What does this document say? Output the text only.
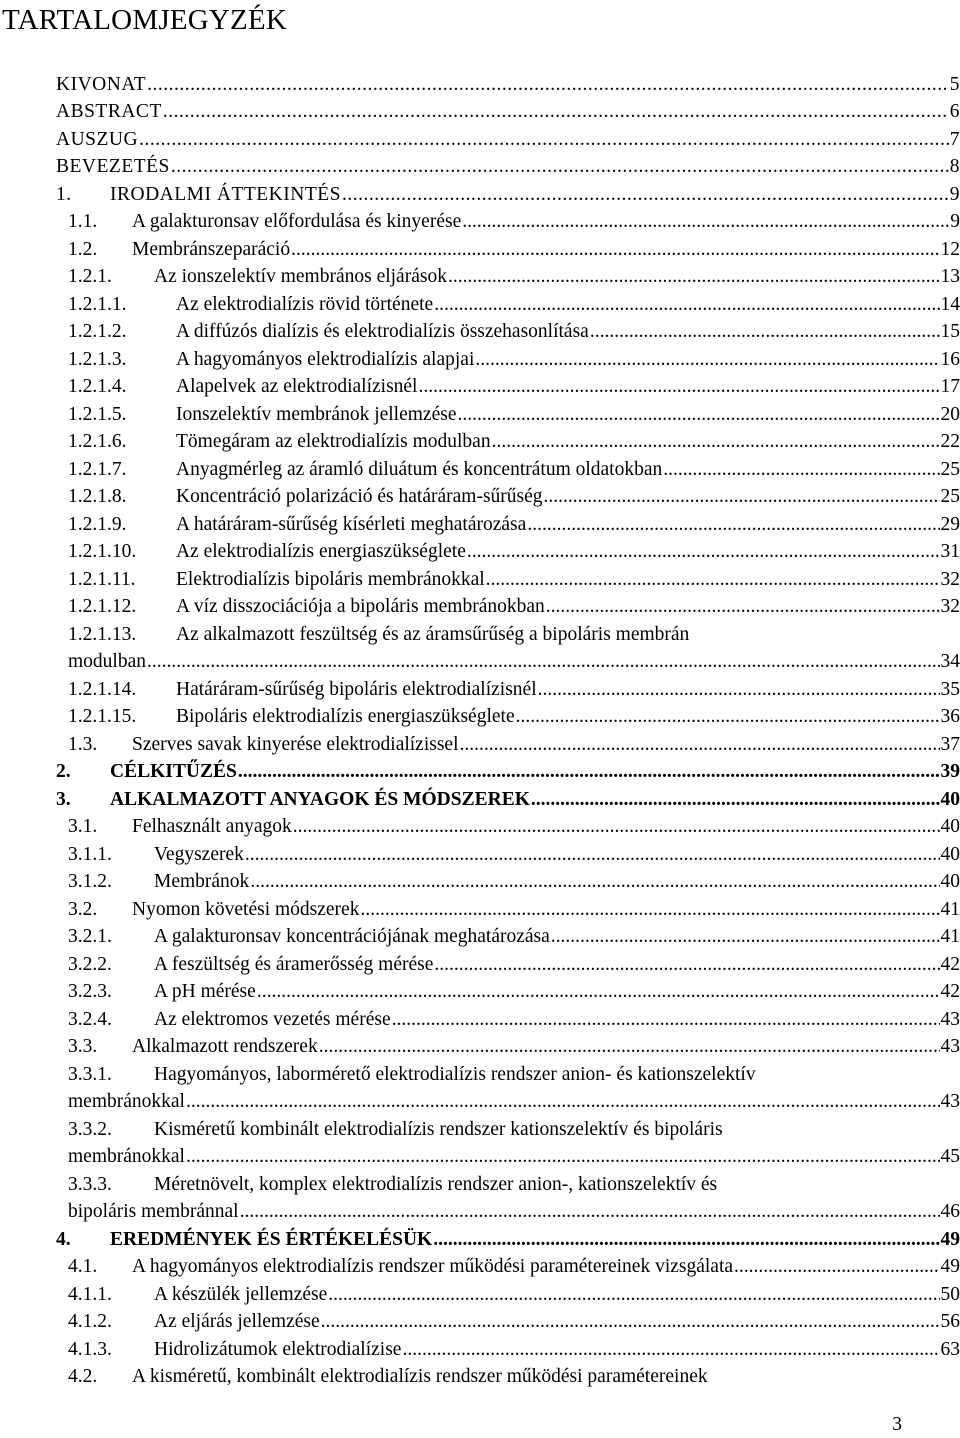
TARTALOMJEGYZÉK
KIVONAT .....	5
ABSTRACT .....	6
AUSZUG .....	7
BEVEZETÉS .....	8
1.	IRODALMI ÁTTEKINTÉS .....	9
1.1.	A galakturonsav előfordulása és kinyerése .....	9
1.2.	Membránszeparáció .....	12
1.2.1.	Az ionszelektív membrános eljárások .....	13
1.2.1.1.	Az elektrodialízis rövid története .....	14
1.2.1.2.	A diffúzós dialízis és elektrodialízis összehasonlítása .....	15
1.2.1.3.	A hagyományos elektrodialízis alapjai .....	16
1.2.1.4.	Alapelvek az elektrodialízisnél .....	17
1.2.1.5.	Ionszelektív membránok jellemzése .....	20
1.2.1.6.	Tömegáram az elektrodialízis modulban .....	22
1.2.1.7.	Anyagmérleg az áramló diluátum és koncentrátum oldatokban .....	25
1.2.1.8.	Koncentráció polarizáció és határáram-sűrűség .....	25
1.2.1.9.	A határáram-sűrűség kísérleti meghatározása .....	29
1.2.1.10.	Az elektrodialízis energiaszükséglete .....	31
1.2.1.11.	Elektrodialízis bipoláris membránokkal .....	32
1.2.1.12.	A víz disszociációja a bipoláris membránokban .....	32
1.2.1.13.	Az alkalmazott feszültség és az áramsűrűség a bipoláris membrán
modulban .....	34
1.2.1.14.	Határáram-sűrűség bipoláris elektrodialízisnél .....	35
1.2.1.15.	Bipoláris elektrodialízis energiaszükséglete .....	36
1.3.	Szerves savak kinyerése elektrodialízissel .....	37
2.	CÉLKITŰZÉS .....	39
3.	ALKALMAZOTT ANYAGOK ÉS MÓDSZEREK .....	40
3.1.	Felhasznált anyagok .....	40
3.1.1.	Vegyszerek .....	40
3.1.2.	Membránok .....	40
3.2.	Nyomon követési módszerek .....	41
3.2.1.	A galakturonsav koncentrációjának meghatározása .....	41
3.2.2.	A feszültség és áramerősség mérése .....	42
3.2.3.	A pH mérése .....	42
3.2.4.	Az elektromos vezetés mérése .....	43
3.3.	Alkalmazott rendszerek .....	43
3.3.1.	Hagyományos, labormérető elektrodialízis rendszer anion- és kationszelektív
membránokkal .....	43
3.3.2.	Kisméretű kombinált elektrodialízis rendszer kationszelektív és bipoláris
membránokkal .....	45
3.3.3.	Méretnövelt, komplex elektrodialízis rendszer anion-, kationszelektív és
bipoláris membránnal .....	46
4.	EREDMÉNYEK ÉS ÉRTÉKELÉSÜK .....	49
4.1.	A hagyományos elektrodialízis rendszer működési paramétereinek vizsgálata .....	49
4.1.1.	A készülék jellemzése .....	50
4.1.2.	Az eljárás jellemzése .....	56
4.1.3.	Hidrolizátumok elektrodialízise .....	63
4.2.	A kisméretű, kombinált elektrodialízis rendszer működési paramétereinek
3
